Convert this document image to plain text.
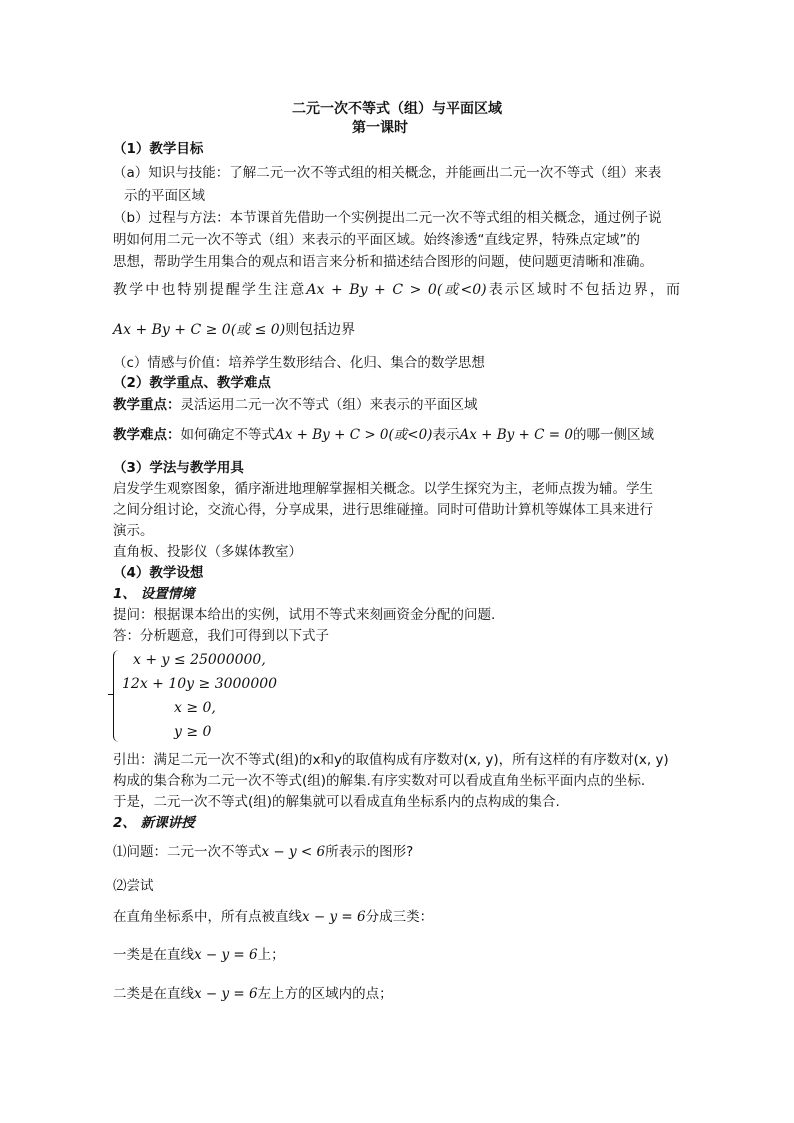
二元一次不等式（组）与平面区域
第一课时
（1）教学目标
（a）知识与技能：了解二元一次不等式组的相关概念，并能画出二元一次不等式（组）来表
示的平面区域
（b）过程与方法：本节课首先借助一个实例提出二元一次不等式组的相关概念，通过例子说
明如何用二元一次不等式（组）来表示的平面区域。始终渗透“直线定界，特殊点定域”的
思想，帮助学生用集合的观点和语言来分析和描述结合图形的问题，使问题更清晰和准确。
教学中也特别提醒学生注意Ax + By + C > 0(或<0)表示区域时不包括边界，而
Ax + By + C ≥ 0(或 ≤ 0)则包括边界
（c）情感与价值：培养学生数形结合、化归、集合的数学思想
（2）教学重点、教学难点
教学重点：灵活运用二元一次不等式（组）来表示的平面区域
教学难点：如何确定不等式Ax + By + C > 0(或<0)表示Ax + By + C = 0的哪一侧区域
（3）学法与教学用具
启发学生观察图象，循序渐进地理解掌握相关概念。以学生探究为主，老师点拨为辅。学生
之间分组讨论，交流心得，分享成果，进行思维碰撞。同时可借助计算机等媒体工具来进行
演示。
直角板、投影仪（多媒体教室）
（4）教学设想
1、 设置情境
提问：根据课本给出的实例，试用不等式来刻画资金分配的问题.
答：分析题意，我们可得到以下式子
x + y ≤ 25000000,
12x + 10y ≥ 3000000
x ≥ 0,
y ≥ 0
引出：满足二元一次不等式(组)的x和y的取值构成有序数对(x, y)，所有这样的有序数对(x, y)
构成的集合称为二元一次不等式(组)的解集.有序实数对可以看成直角坐标平面内点的坐标.
于是，二元一次不等式(组)的解集就可以看成直角坐标系内的点构成的集合.
2、 新课讲授
⑴问题：二元一次不等式x − y < 6所表示的图形?
⑵尝试
在直角坐标系中，所有点被直线x − y = 6分成三类：
一类是在直线x − y = 6上；
二类是在直线x − y = 6左上方的区域内的点；
